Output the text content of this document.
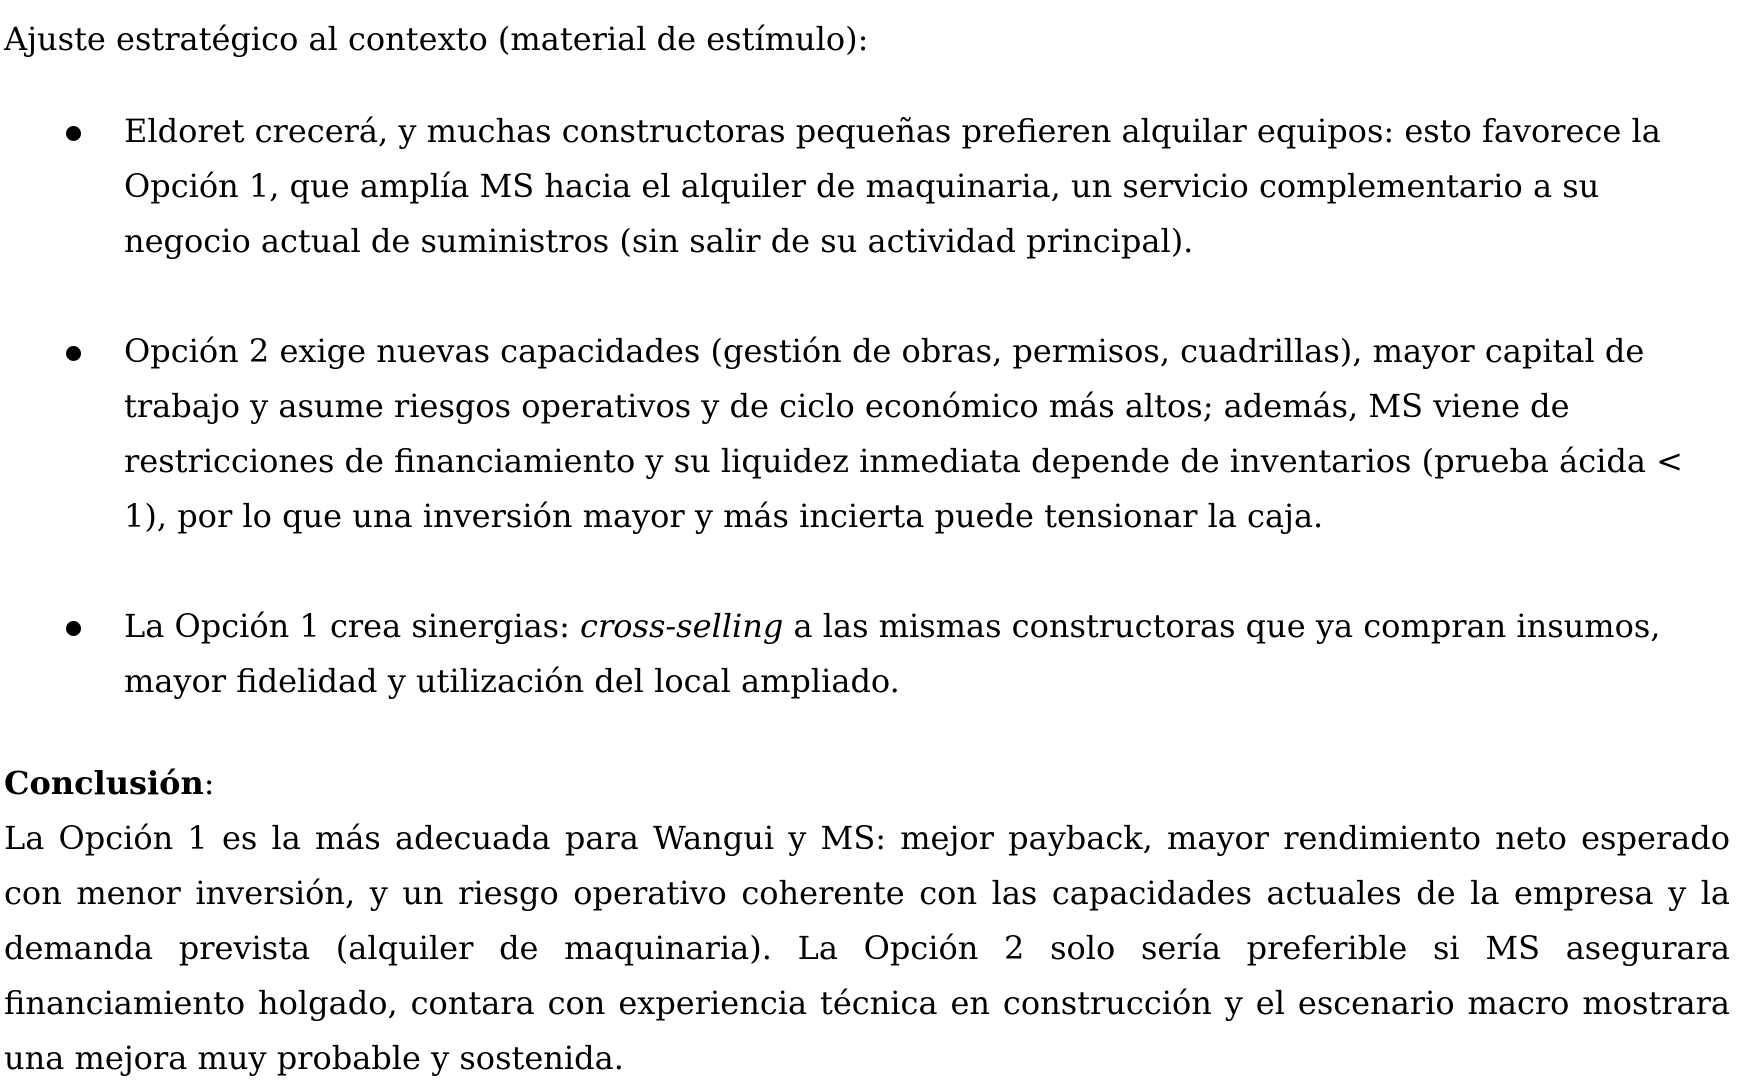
Ajuste estratégico al contexto (material de estímulo):

Eldoret crecerá, y muchas constructoras pequeñas prefieren alquilar equipos: esto favorece la Opción 1, que amplía MS hacia el alquiler de maquinaria, un servicio complementario a su negocio actual de suministros (sin salir de su actividad principal).
Opción 2 exige nuevas capacidades (gestión de obras, permisos, cuadrillas), mayor capital de trabajo y asume riesgos operativos y de ciclo económico más altos; además, MS viene de restricciones de financiamiento y su liquidez inmediata depende de inventarios (prueba ácida < 1), por lo que una inversión mayor y más incierta puede tensionar la caja.
La Opción 1 crea sinergias: cross-selling a las mismas constructoras que ya compran insumos, mayor fidelidad y utilización del local ampliado.

Conclusión:

La Opción 1 es la más adecuada para Wangui y MS: mejor payback, mayor rendimiento neto esperado con menor inversión, y un riesgo operativo coherente con las capacidades actuales de la empresa y la demanda prevista (alquiler de maquinaria). La Opción 2 solo sería preferible si MS asegurara financiamiento holgado, contara con experiencia técnica en construcción y el escenario macro mostrara una mejora muy probable y sostenida.
